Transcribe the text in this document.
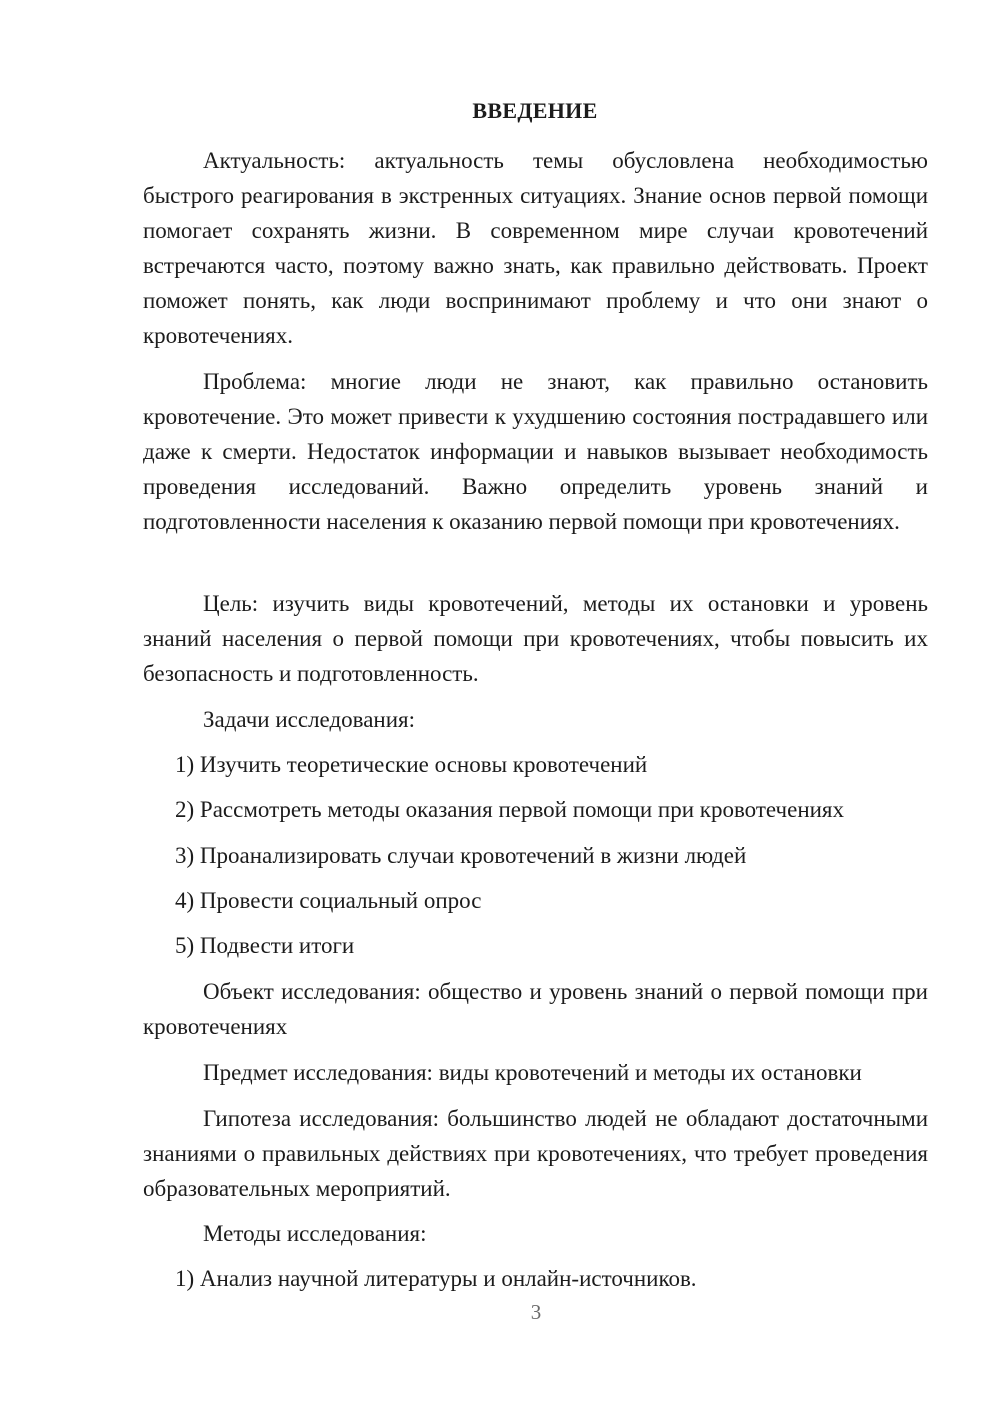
ВВЕДЕНИЕ

Актуальность: актуальность темы обусловлена необходимостью быстрого реагирования в экстренных ситуациях. Знание основ первой помощи помогает сохранять жизни. В современном мире случаи кровотечений встречаются часто, поэтому важно знать, как правильно действовать. Проект поможет понять, как люди воспринимают проблему и что они знают о кровотечениях.

Проблема: многие люди не знают, как правильно остановить кровотечение. Это может привести к ухудшению состояния пострадавшего или даже к смерти. Недостаток информации и навыков вызывает необходимость проведения исследований. Важно определить уровень знаний и подготовленности населения к оказанию первой помощи при кровотечениях.

Цель: изучить виды кровотечений, методы их остановки и уровень знаний населения о первой помощи при кровотечениях, чтобы повысить их безопасность и подготовленность.

Задачи исследования:

1) Изучить теоретические основы кровотечений

2) Рассмотреть методы оказания первой помощи при кровотечениях

3) Проанализировать случаи кровотечений в жизни людей

4) Провести социальный опрос

5) Подвести итоги

Объект исследования: общество и уровень знаний о первой помощи при кровотечениях

Предмет исследования: виды кровотечений и методы их остановки

Гипотеза исследования: большинство людей не обладают достаточными знаниями о правильных действиях при кровотечениях, что требует проведения образовательных мероприятий.

Методы исследования:

1) Анализ научной литературы и онлайн-источников.

3
